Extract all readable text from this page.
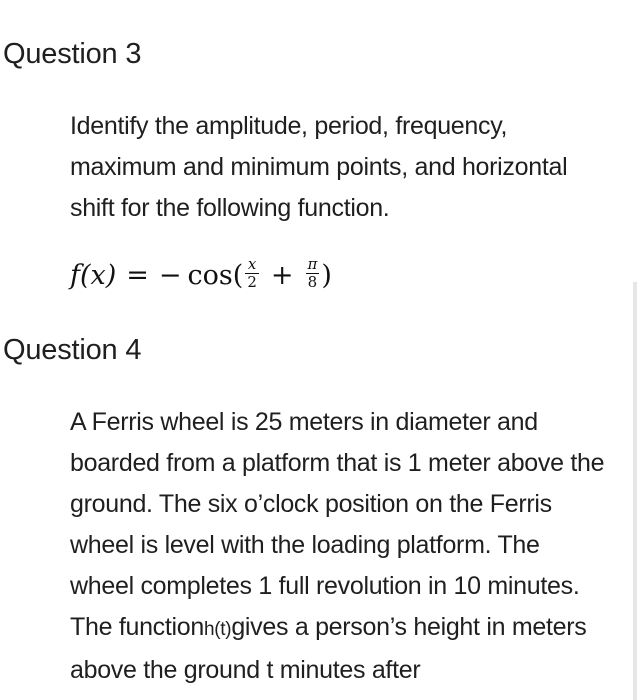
Question 3

Identify the amplitude, period, frequency, maximum and minimum points, and horizontal shift for the following function.

f(x) = − $\cos( \frac{x}{2} + \frac{\pi}{8}$ )
Question 4

A Ferris wheel is 25 meters in diameter and boarded from a platform that is 1 meter above the ground. The six o’clock position on the Ferris wheel is level with the loading platform. The wheel completes 1 full revolution in 10 minutes. The functionh(t)gives a person’s height in meters above the ground t minutes after
